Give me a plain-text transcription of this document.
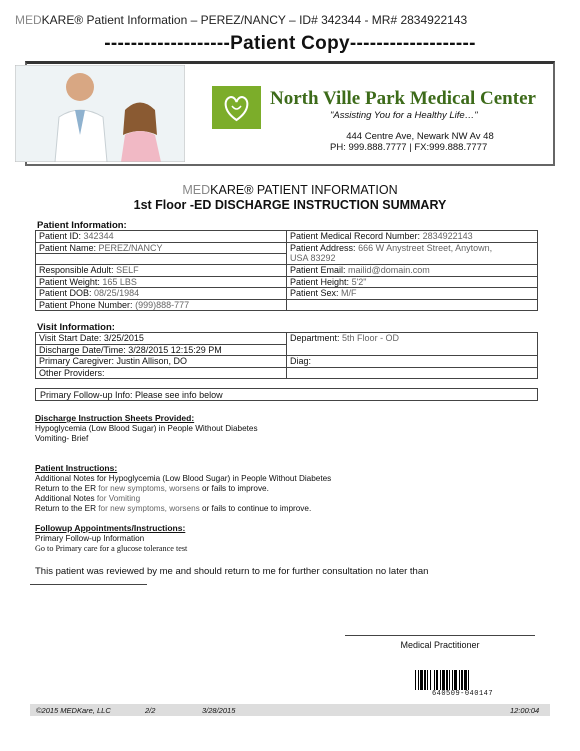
MEDKARE® Patient Information – PEREZ/NANCY – ID# 342344 - MR# 2834922143
-------------------Patient Copy-------------------
North Ville Park Medical Center
"Assisting You for a Healthy Life…"
444 Centre Ave, Newark NW Av 48
PH: 999.888.7777 | FX:999.888.7777
MEDKARE® PATIENT INFORMATION
1st Floor -ED DISCHARGE INSTRUCTION SUMMARY
Patient Information:
Patient ID: 342344	Patient Medical Record Number: 2834922143
Patient Name: PEREZ/NANCY	Patient Address: 666 W Anystreet Street, Anytown,
USA 83292

Responsible Adult: SELF	Patient Email: mailid@domain.com
Patient Weight: 165 LBS	Patient Height: 5'2"
Patient DOB: 08/25/1984	Patient Sex: M/F
Patient Phone Number: (999)888-777	
Visit Information:
Visit Start Date: 3/25/2015	Department: 5th Floor - OD
Discharge Date/Time: 3/28/2015 12:15:29 PM	
Primary Caregiver: Justin Allison, DO	Diag:
Other Providers:	
Primary Follow-up Info: Please see info below
Discharge Instruction Sheets Provided:
Hypoglycemia (Low Blood Sugar) in People Without Diabetes
Vomiting- Brief
Patient Instructions:
Additional Notes for Hypoglycemia (Low Blood Sugar) in People Without Diabetes
Return to the ER for new symptoms, worsens or fails to improve.
Additional Notes for Vomiting
Return to the ER for new symptoms, worsens or fails to continue to improve.
Followup Appointments/Instructions:
Primary Follow-up Information
Go to Primary care for a glucose tolerance test
This patient was reviewed by me and should return to me for further consultation no later than
Medical Practitioner
640509-040147
©2015 MEDKare, LLC	2/2	3/28/2015	12:00:04
